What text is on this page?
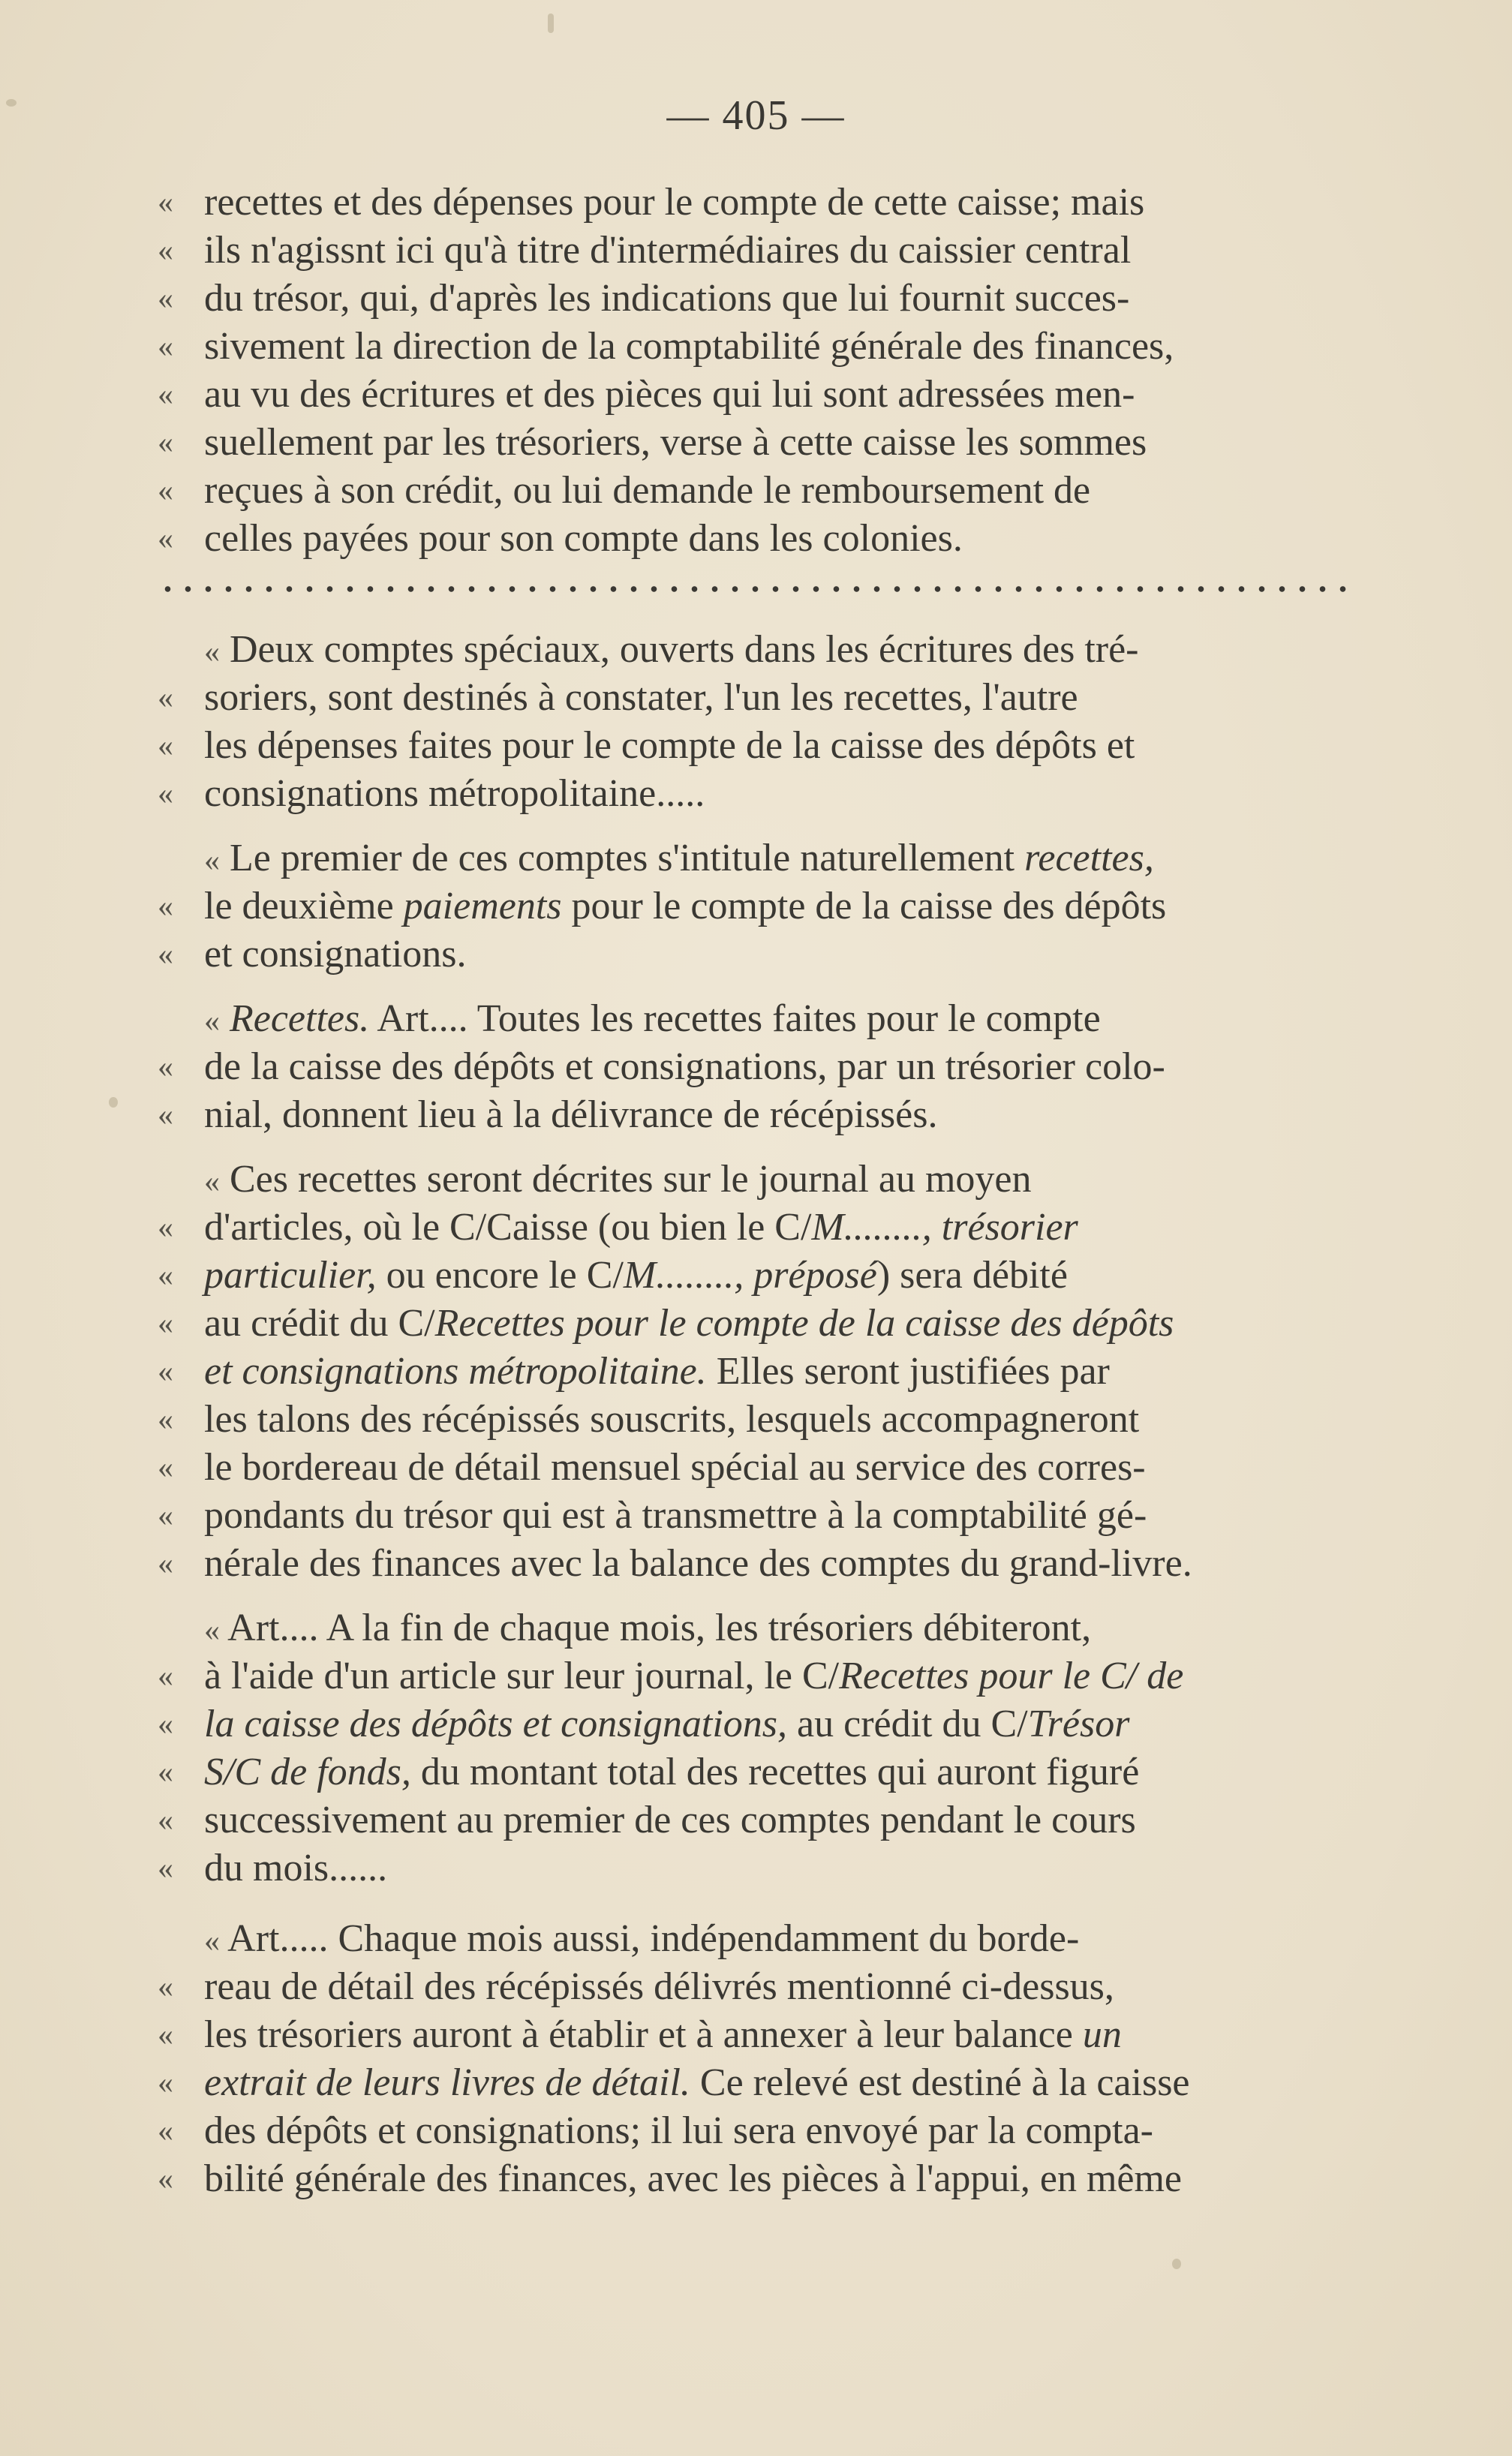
— 405 —
« recettes et des dépenses pour le compte de cette caisse; mais
« ils n'agissnt ici qu'à titre d'intermédiaires du caissier central
« du trésor, qui, d'après les indications que lui fournit succes-
« sivement la direction de la comptabilité générale des finances,
« au vu des écritures et des pièces qui lui sont adressées men-
« suellement par les trésoriers, verse à cette caisse les sommes
« reçues à son crédit, ou lui demande le remboursement de
« celles payées pour son compte dans les colonies.
« Deux comptes spéciaux, ouverts dans les écritures des tré-
« soriers, sont destinés à constater, l'un les recettes, l'autre
« les dépenses faites pour le compte de la caisse des dépôts et
« consignations métropolitaine.....
« Le premier de ces comptes s'intitule naturellement recettes,
« le deuxième paiements pour le compte de la caisse des dépôts
« et consignations.
« Recettes. Art.... Toutes les recettes faites pour le compte
« de la caisse des dépôts et consignations, par un trésorier colo-
« nial, donnent lieu à la délivrance de récépissés.
« Ces recettes seront décrites sur le journal au moyen
« d'articles, où le C/Caisse (ou bien le C/M........, trésorier
« particulier, ou encore le C/M........, préposé) sera débité
« au crédit du C/Recettes pour le compte de la caisse des dépôts
« et consignations métropolitaine. Elles seront justifiées par
« les talons des récépissés souscrits, lesquels accompagneront
« le bordereau de détail mensuel spécial au service des corres-
« pondants du trésor qui est à transmettre à la comptabilité gé-
« nérale des finances avec la balance des comptes du grand-livre.
« Art.... A la fin de chaque mois, les trésoriers débiteront,
« à l'aide d'un article sur leur journal, le C/Recettes pour le C/ de
« la caisse des dépôts et consignations, au crédit du C/Trésor
« S/C de fonds, du montant total des recettes qui auront figuré
« successivement au premier de ces comptes pendant le cours
« du mois......
« Art..... Chaque mois aussi, indépendamment du borde-
« reau de détail des récépissés délivrés mentionné ci-dessus,
« les trésoriers auront à établir et à annexer à leur balance un
« extrait de leurs livres de détail. Ce relevé est destiné à la caisse
« des dépôts et consignations; il lui sera envoyé par la compta-
« bilité générale des finances, avec les pièces à l'appui, en même
